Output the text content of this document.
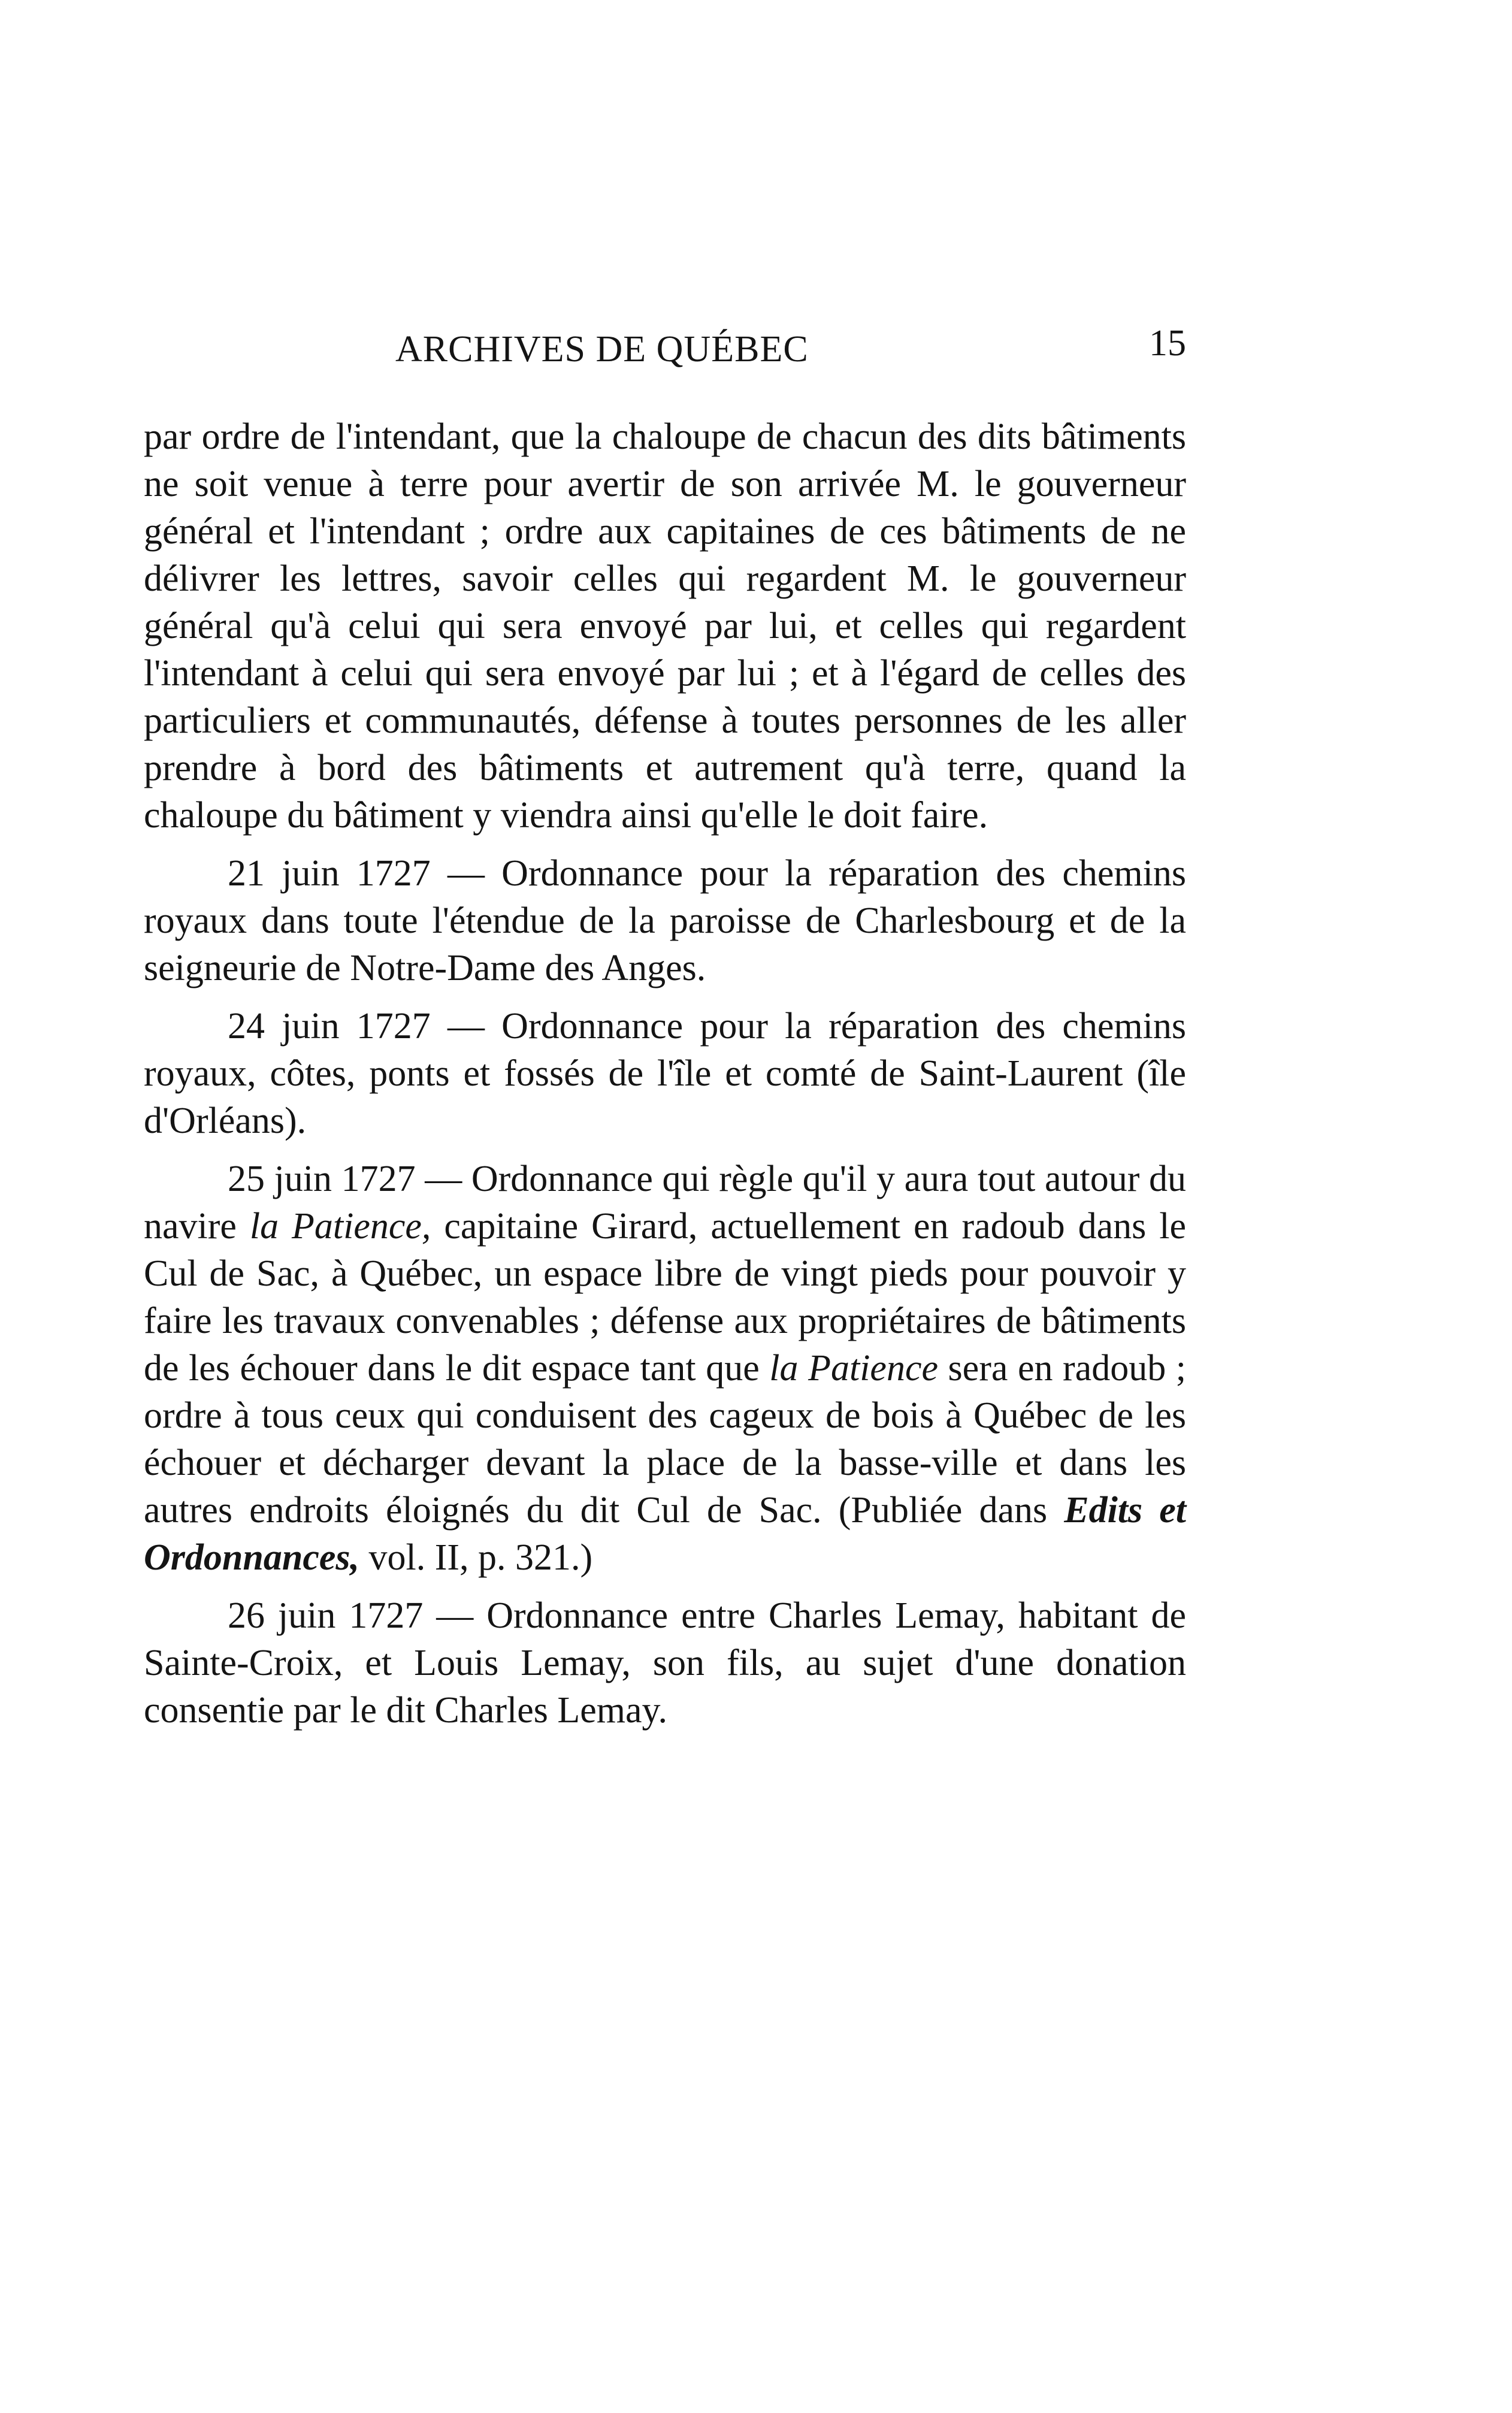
ARCHIVES DE QUÉBEC	15

par ordre de l'intendant, que la chaloupe de chacun des dits bâtiments ne soit venue à terre pour avertir de son arrivée M. le gouverneur général et l'intendant ; ordre aux capitaines de ces bâtiments de ne délivrer les lettres, savoir celles qui regardent M. le gouverneur général qu'à celui qui sera envoyé par lui, et celles qui regardent l'intendant à celui qui sera envoyé par lui ; et à l'égard de celles des particuliers et communautés, défense à toutes personnes de les aller prendre à bord des bâtiments et autrement qu'à terre, quand la chaloupe du bâtiment y viendra ainsi qu'elle le doit faire.

21 juin 1727 — Ordonnance pour la réparation des chemins royaux dans toute l'étendue de la paroisse de Charlesbourg et de la seigneurie de Notre-Dame des Anges.

24 juin 1727 — Ordonnance pour la réparation des chemins royaux, côtes, ponts et fossés de l'île et comté de Saint-Laurent (île d'Orléans).

25 juin 1727 — Ordonnance qui règle qu'il y aura tout autour du navire la Patience, capitaine Girard, actuellement en radoub dans le Cul de Sac, à Québec, un espace libre de vingt pieds pour pouvoir y faire les travaux convenables ; défense aux propriétaires de bâtiments de les échouer dans le dit espace tant que la Patience sera en radoub ; ordre à tous ceux qui conduisent des cageux de bois à Québec de les échouer et décharger devant la place de la basse-ville et dans les autres endroits éloignés du dit Cul de Sac. (Publiée dans Edits et Ordonnances, vol. II, p. 321.)

26 juin 1727 — Ordonnance entre Charles Lemay, habitant de Sainte-Croix, et Louis Lemay, son fils, au sujet d'une donation consentie par le dit Charles Lemay.
